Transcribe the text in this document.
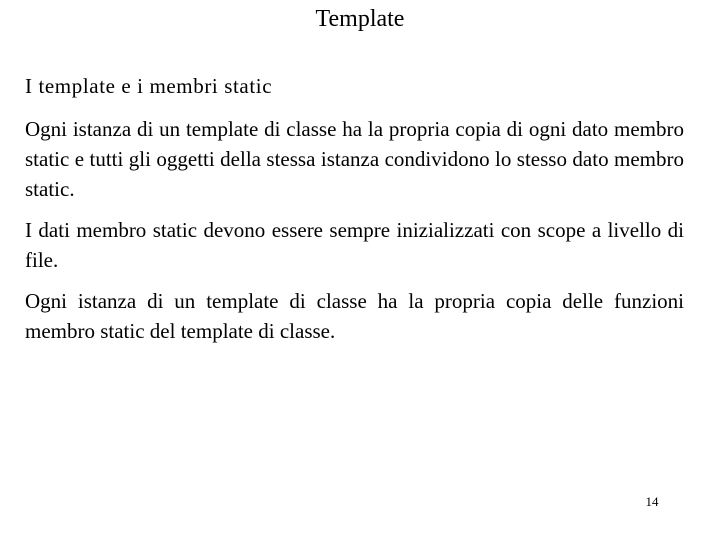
Template
I template e i membri static

Ogni istanza di un template di classe ha la propria copia di ogni dato membro static e tutti gli oggetti della stessa istanza condividono lo stesso dato membro static.

I dati membro static devono essere sempre inizializzati con scope a livello di file.

Ogni istanza di un template di classe ha la propria copia delle funzioni membro static del template di classe.

14
